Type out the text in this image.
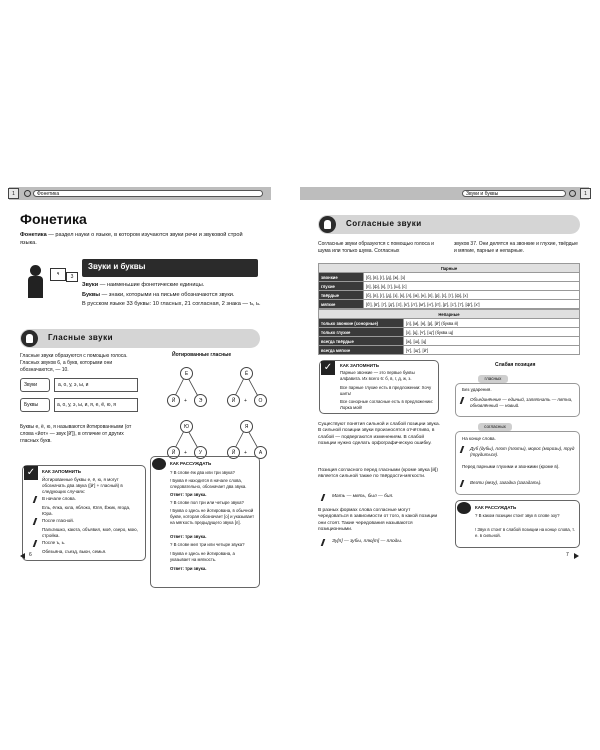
1	Фонетика	Звуки и буквы	1
Фонетика
Фонетика — раздел науки о языке, в котором изучаются звуки речи и звуковой строй языка.
ч	3
Звуки и буквы
Звуки — наименьшие фонетические единицы.
Буквы — знаки, которыми на письме обозначаются звуки.
В русском языке 33 буквы: 10 гласных, 21 согласная, 2 знака — ъ, ь.
Гласные звуки
Гласные звуки образуются с помощью голоса. Гласных звуков 6, а букв, которыми они обозначаются, — 10.
Звуки	а, о, у, э, ы, и
Буквы	а, о, у, э, ы, и, я, е, ё, ю, я
Буквы е, ё, ю, я называются йотированными (от слова «йот» — звук [й']), в отличие от других гласных букв.
Йотированные гласные
Е	Ё
Ю	Я
Й	+	Э	Й	+	О
Й	+	У	Й	+	А
✓	КАК ЗАПОМНИТЬ
Йотированные буквы е, ё, ю, я могут обозначать два звука ([й'] + гласный) в следующих случаях:
В начале слова.
Ель, ёлка, юла, яблоко, Юля, Ёжик, ягода, Юра.
После гласной.
Пальтишко, каюта, объявил, моё, озеро, мою, стройка.
После ъ, ь.
Обезьяна, съезд, вьюн, семья.
КАК РАССУЖДАТЬ
? В слове ёж два или три звука?
! Буква ё находится в начале слова, следовательно, обозначает два звука.
Ответ: три звука.
? В слове пол три или четыре звука?
! Буква о здесь не йотирована, в обычной букве, которая обозначает [о] и указывает на мягкость предыдущего звука [л].
Ответ: три звука.
? В слове мел три или четыре звука?
! Буква е здесь не йотирована, а указывает на мягкость.
Ответ: три звука.
6
Согласные звуки
Согласные звуки образуются с помощью голоса и шума или только шума. Согласных
звуков 37. Они делятся на звонкие и глухие, твёрдые и мягкие, парные и непарные.
Парные	
звонкие	[б], [в], [г], [д], [ж], [з]
глухие	[п], [ф], [к], [т], [ш], [с]
твёрдые	[б], [в], [г], [д], [з], [к], [л], [м], [н], [п], [р], [с], [т], [ф], [х]
мягкие	[б'], [в'], [г'], [д'], [з'], [к'], [л'], [м'], [н'], [п'], [р'], [с'], [т'], [ф'], [х']
Непарные	
только звонкие (сонорные)	[л], [м], [н], [р], [й'] (буква й)
только глухие	[х], [ц], [ч'], [щ'] (буква щ)
всегда твёрдые	[ж], [ш], [ц]
всегда мягкие	[ч'], [щ'], [й']
✓	КАК ЗАПОМНИТЬ
Парные звонкие — это первые буквы алфавита. Их всего 6: б, в, г, д, ж, з.
Все парные глухие есть в предложении: Хочу шить!
Все сонорные согласные есть в предложении: Лорка мой!
Существуют понятия сильной и слабой позиции звука. В сильной позиции звуки произносятся отчётливо, в слабой — подвергаются изменениям. В слабой позиции нужно сделать орфографическую ошибку.
Позиция согласного перед гласными (кроме звука [й]) является сильной также по твёрдости-мягкости.
Мать — мять, был — бил.
В разных формах слова согласные могут чередоваться в зависимости от того, в какой позиции они стоят. Такие чередования называются позиционными.
Зу[п] — зубы, плю[т] — плоды.
Слабая позиция
гласных
Без ударения.
Объединённие — единый, запятнать — пятна, обновлённый — новый.
согласных
На конце слова.
Дуб (дубы), плот (плоты), морос (морозы), труд (трудиться).
Перед парными глухими и звонкими (кроме в).
Везти (везу), загадка (загадать).
КАК РАССУЖДАТЬ
? В каком позиции стоит звук в слове зоу?
! Звук в стоит в слабой позиции на конце слова, т. е. в сильной.
7
